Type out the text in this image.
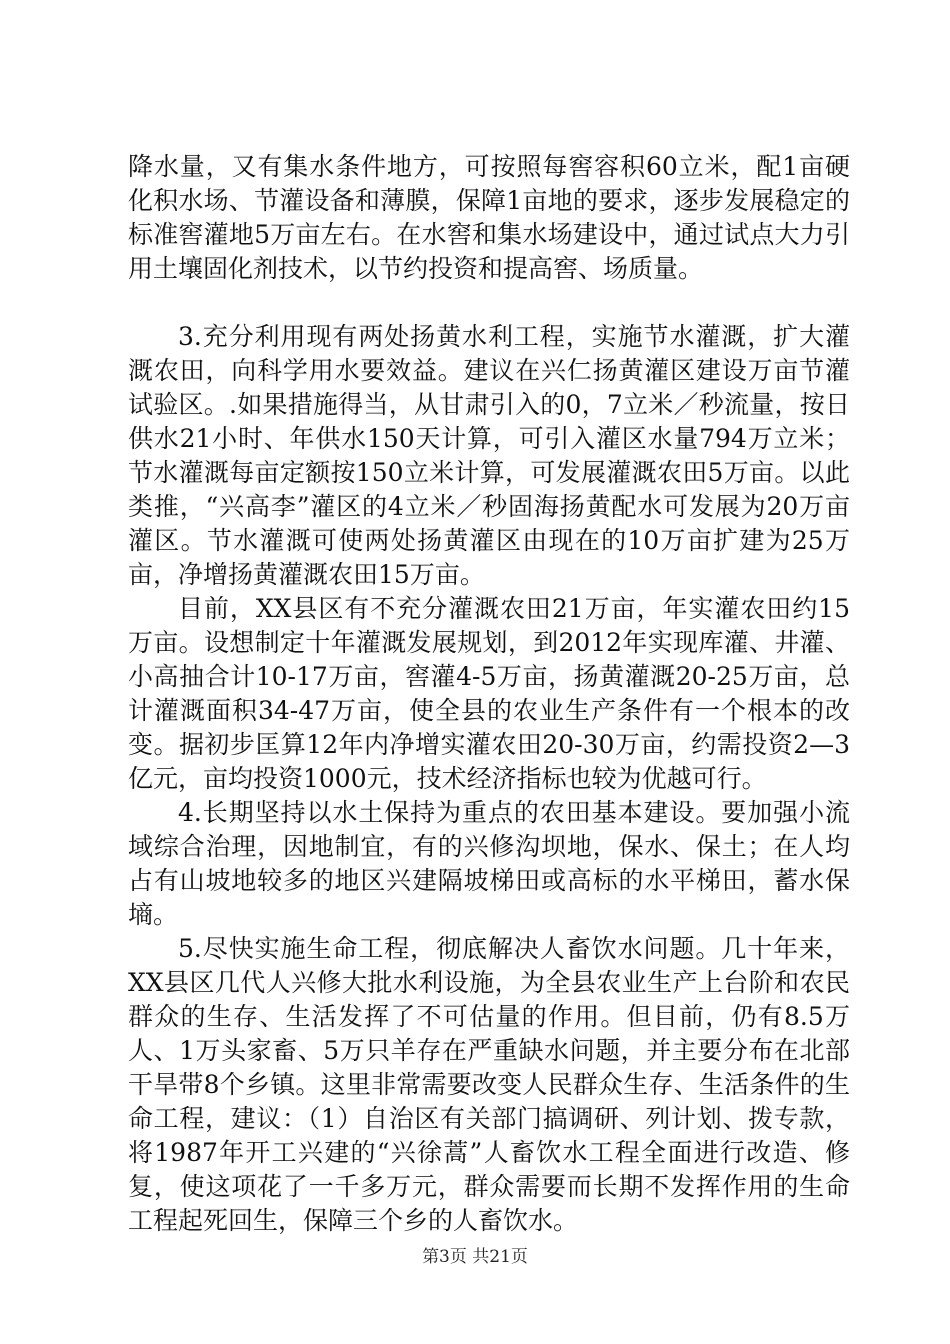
降水量，又有集水条件地方，可按照每窖容积60立米，配1亩硬化积水场、节灌设备和薄膜，保障1亩地的要求，逐步发展稳定的标准窖灌地5万亩左右。在水窖和集水场建设中，通过试点大力引用土壤固化剂技术，以节约投资和提高窖、场质量。

3.充分利用现有两处扬黄水利工程，实施节水灌溉，扩大灌溉农田，向科学用水要效益。建议在兴仁扬黄灌区建设万亩节灌试验区。.如果措施得当，从甘肃引入的0，7立米／秒流量，按日供水21小时、年供水150天计算，可引入灌区水量794万立米；节水灌溉每亩定额按150立米计算，可发展灌溉农田5万亩。以此类推，“兴高李”灌区的4立米／秒固海扬黄配水可发展为20万亩灌区。节水灌溉可使两处扬黄灌区由现在的10万亩扩建为25万亩，净增扬黄灌溉农田15万亩。

目前，XX县区有不充分灌溉农田21万亩，年实灌农田约15万亩。设想制定十年灌溉发展规划，到2012年实现库灌、井灌、小高抽合计10-17万亩，窖灌4-5万亩，扬黄灌溉20-25万亩，总计灌溉面积34-47万亩，使全县的农业生产条件有一个根本的改变。据初步匡算12年内净增实灌农田20-30万亩，约需投资2—3亿元，亩均投资1000元，技术经济指标也较为优越可行。

4.长期坚持以水土保持为重点的农田基本建设。要加强小流域综合治理，因地制宜，有的兴修沟坝地，保水、保土；在人均占有山坡地较多的地区兴建隔坡梯田或高标的水平梯田，蓄水保墒。

5.尽快实施生命工程，彻底解决人畜饮水问题。几十年来，XX县区几代人兴修大批水利设施，为全县农业生产上台阶和农民群众的生存、生活发挥了不可估量的作用。但目前，仍有8.5万人、1万头家畜、5万只羊存在严重缺水问题，并主要分布在北部干旱带8个乡镇。这里非常需要改变人民群众生存、生活条件的生命工程，建议：（1）自治区有关部门搞调研、列计划、拨专款，将1987年开工兴建的“兴徐蒿”人畜饮水工程全面进行改造、修复，使这项花了一千多万元，群众需要而长期不发挥作用的生命工程起死回生，保障三个乡的人畜饮水。

第3页 共21页
